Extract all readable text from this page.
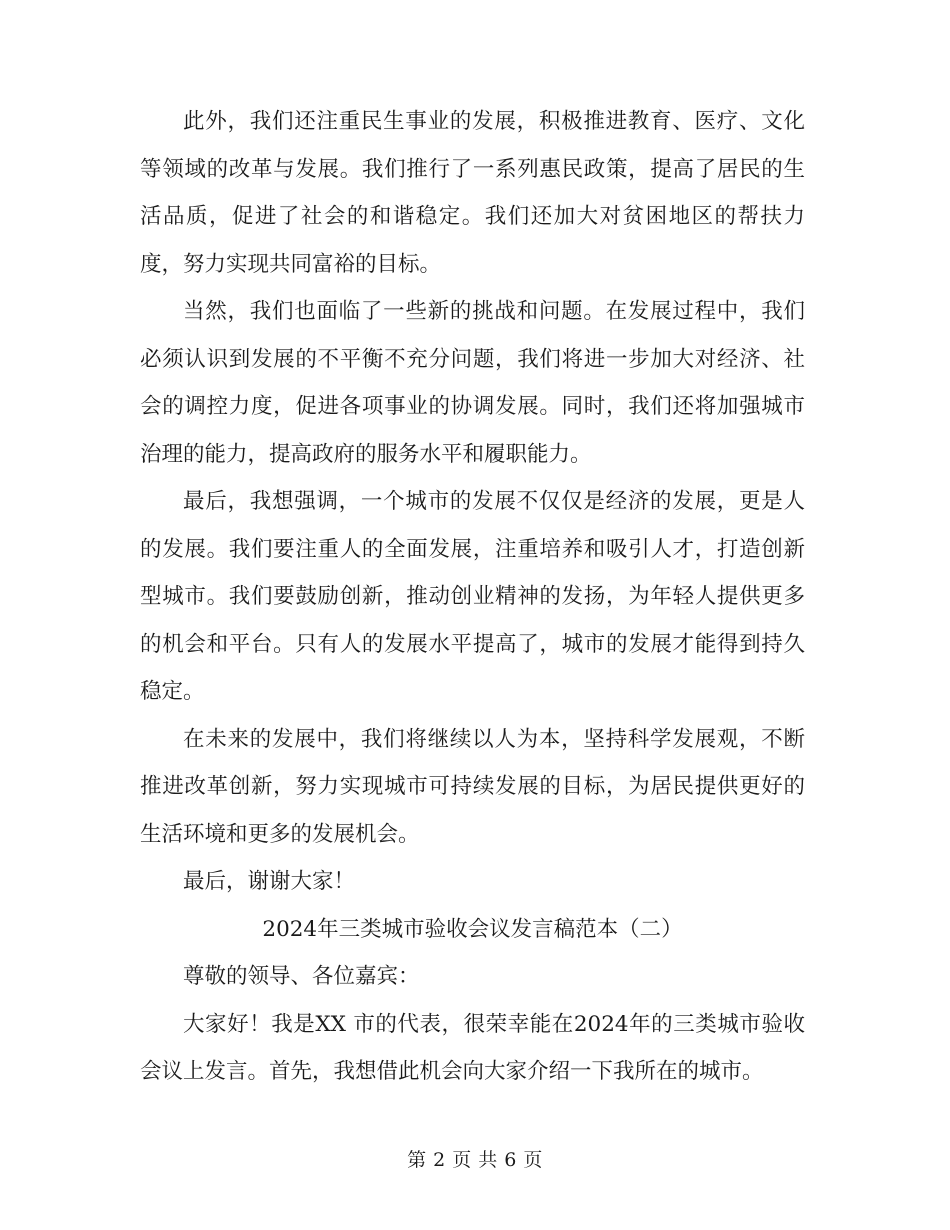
此外，我们还注重民生事业的发展，积极推进教育、医疗、文化等领域的改革与发展。我们推行了一系列惠民政策，提高了居民的生活品质，促进了社会的和谐稳定。我们还加大对贫困地区的帮扶力度，努力实现共同富裕的目标。

当然，我们也面临了一些新的挑战和问题。在发展过程中，我们必须认识到发展的不平衡不充分问题，我们将进一步加大对经济、社会的调控力度，促进各项事业的协调发展。同时，我们还将加强城市治理的能力，提高政府的服务水平和履职能力。

最后，我想强调，一个城市的发展不仅仅是经济的发展，更是人的发展。我们要注重人的全面发展，注重培养和吸引人才，打造创新型城市。我们要鼓励创新，推动创业精神的发扬，为年轻人提供更多的机会和平台。只有人的发展水平提高了，城市的发展才能得到持久稳定。

在未来的发展中，我们将继续以人为本，坚持科学发展观，不断推进改革创新，努力实现城市可持续发展的目标，为居民提供更好的生活环境和更多的发展机会。

最后，谢谢大家！

2024年三类城市验收会议发言稿范本（二）

尊敬的领导、各位嘉宾：

大家好！我是XX 市的代表，很荣幸能在2024年的三类城市验收会议上发言。首先，我想借此机会向大家介绍一下我所在的城市。

第 2 页 共 6 页
